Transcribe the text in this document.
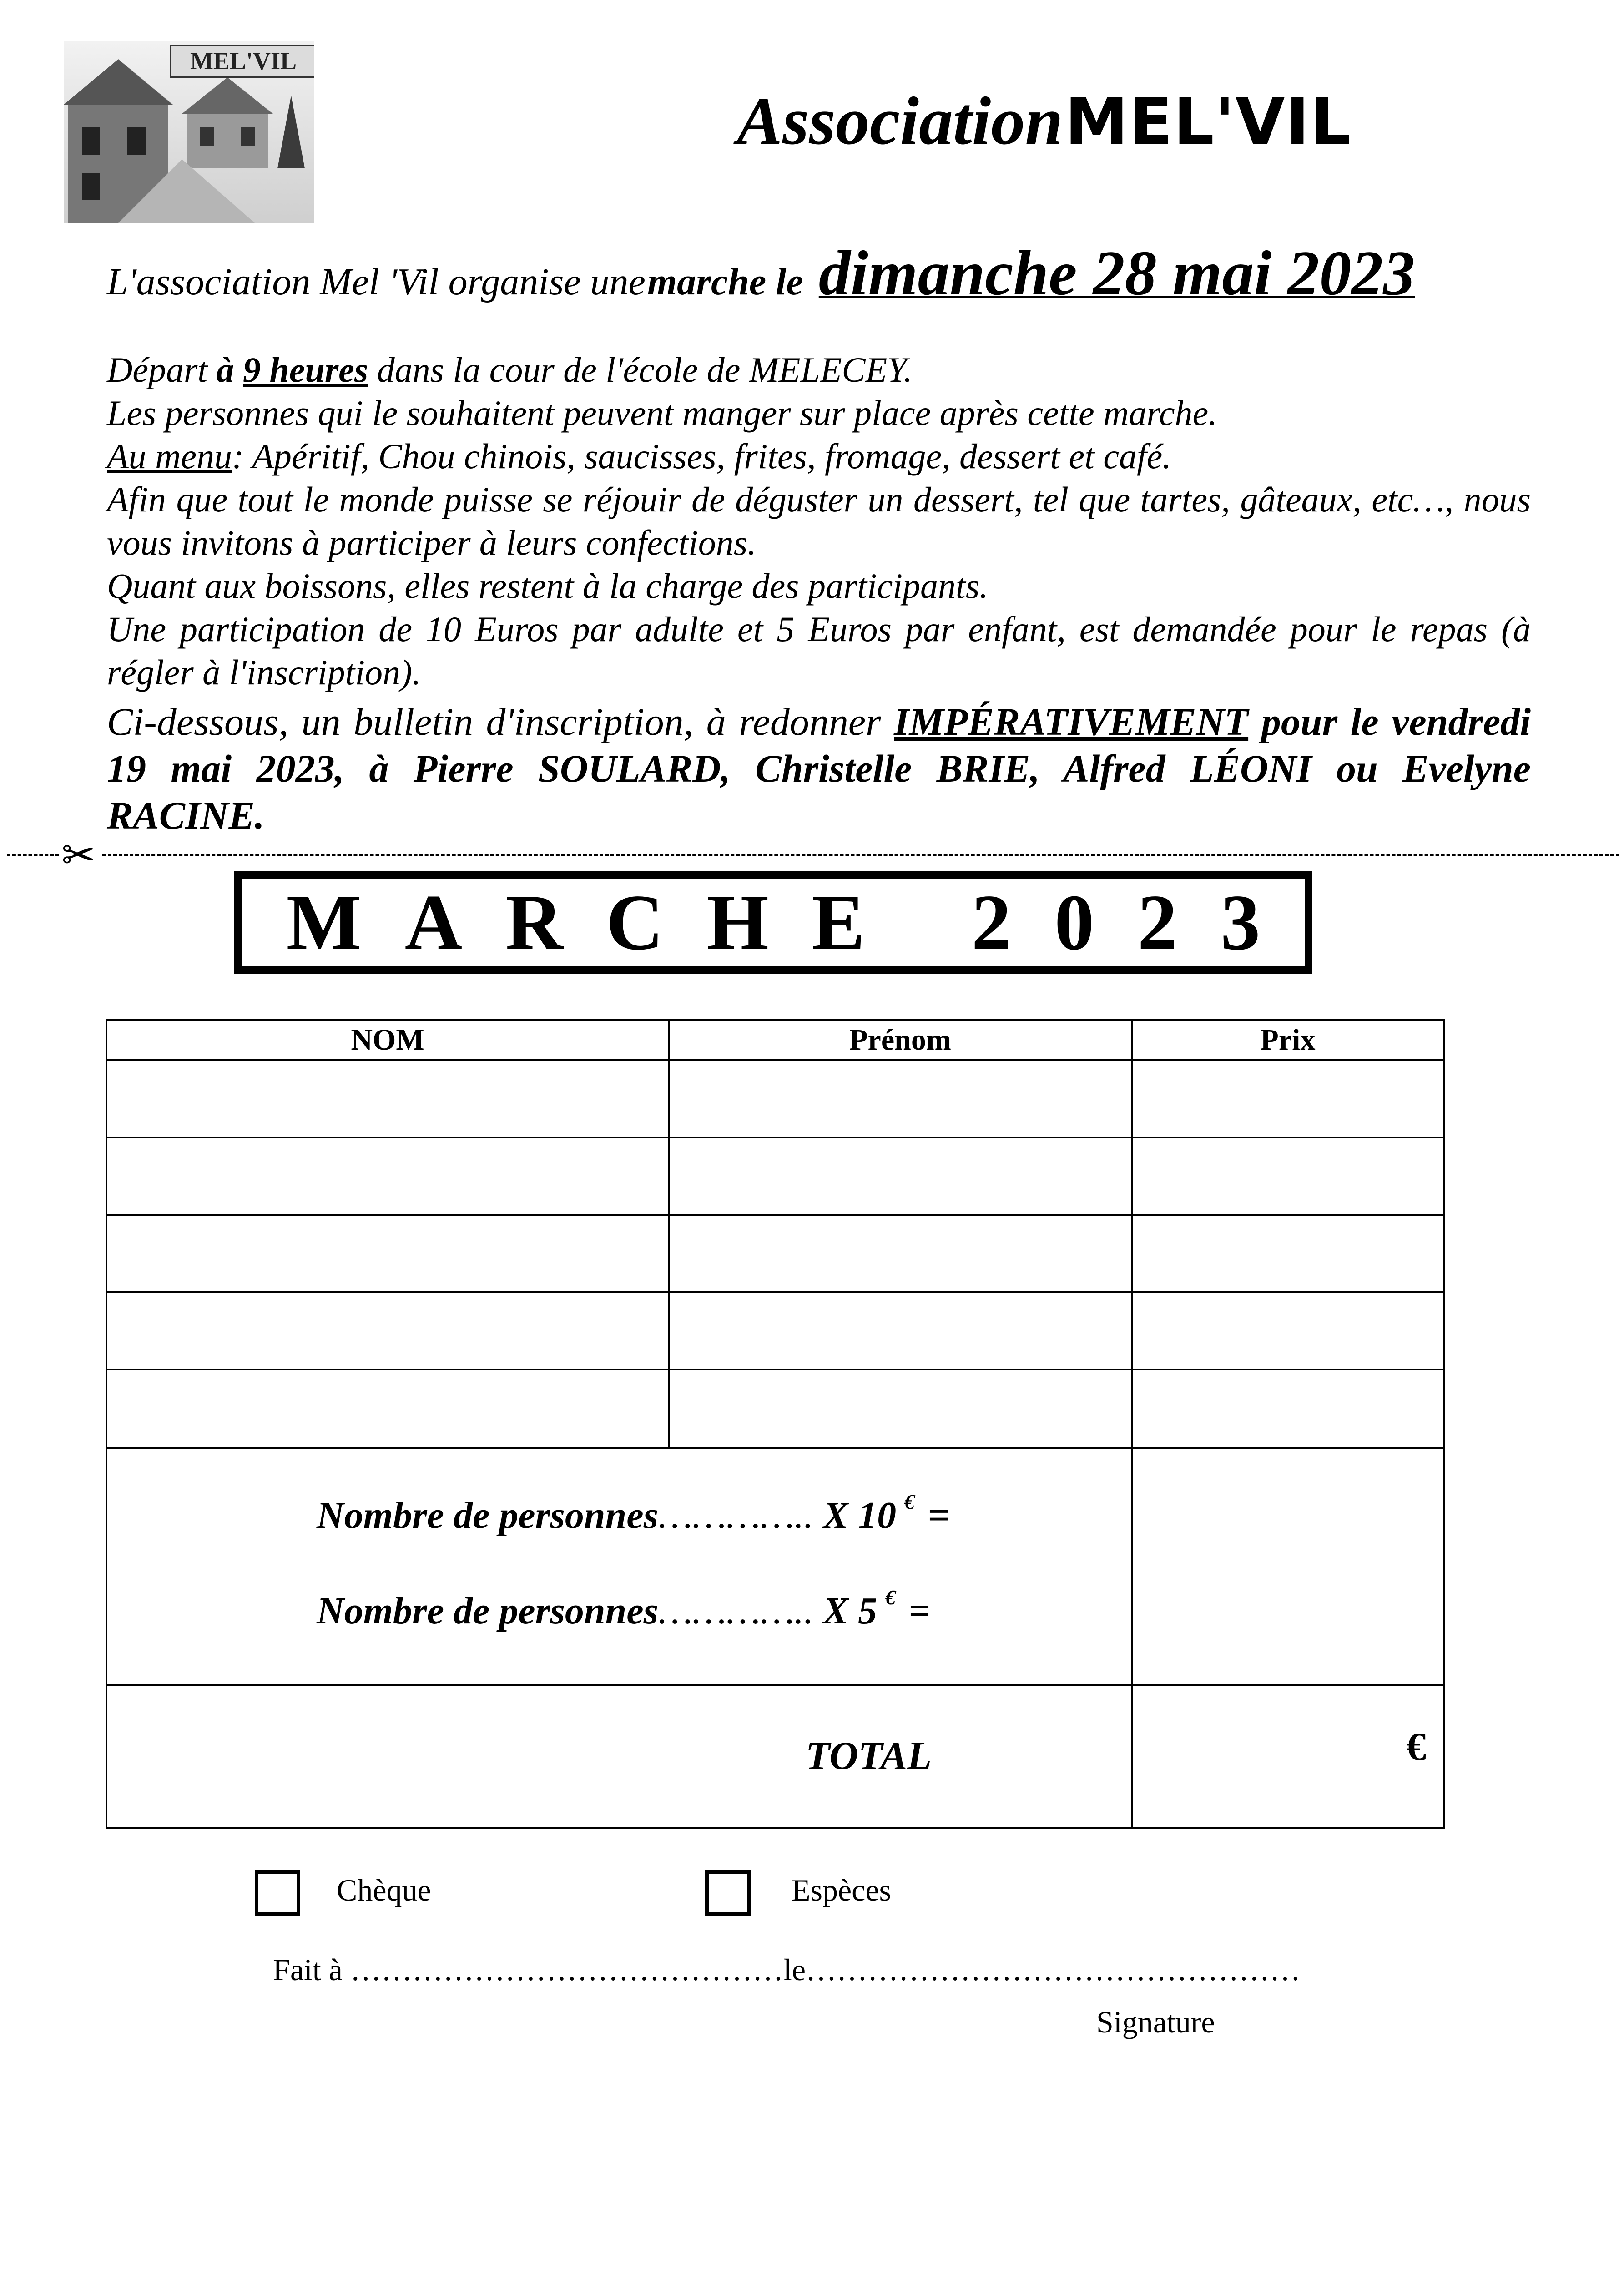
MEL'VIL
Association MEL'VIL
L'association Mel 'Vil organise une marche le dimanche 28 mai 2023

Départ à 9 heures dans la cour de l'école de MELECEY.

Les personnes qui le souhaitent peuvent manger sur place après cette marche.

Au menu: Apéritif, Chou chinois, saucisses, frites, fromage, dessert et café.

Afin que tout le monde puisse se réjouir de déguster un dessert, tel que tartes, gâteaux, etc…, nous vous invitons à participer à leurs confections.

Quant aux boissons, elles restent à la charge des participants.

Une participation de 10 Euros par adulte et 5 Euros par enfant, est demandée pour le repas (à régler à l'inscription).

Ci-dessous, un bulletin d'inscription, à redonner IMPÉRATIVEMENT pour le vendredi 19 mai 2023, à Pierre SOULARD, Christelle BRIE, Alfred LÉONI ou Evelyne RACINE.

✂
MARCHE 2023
NOM	Prénom	Prix
Nombre de personnes………….. X 10 € =
Nombre de personnes………….. X 5 € =
TOTAL	€
Chèque	Espèces
Fait à ……………………………………le…………………………………………
Signature
